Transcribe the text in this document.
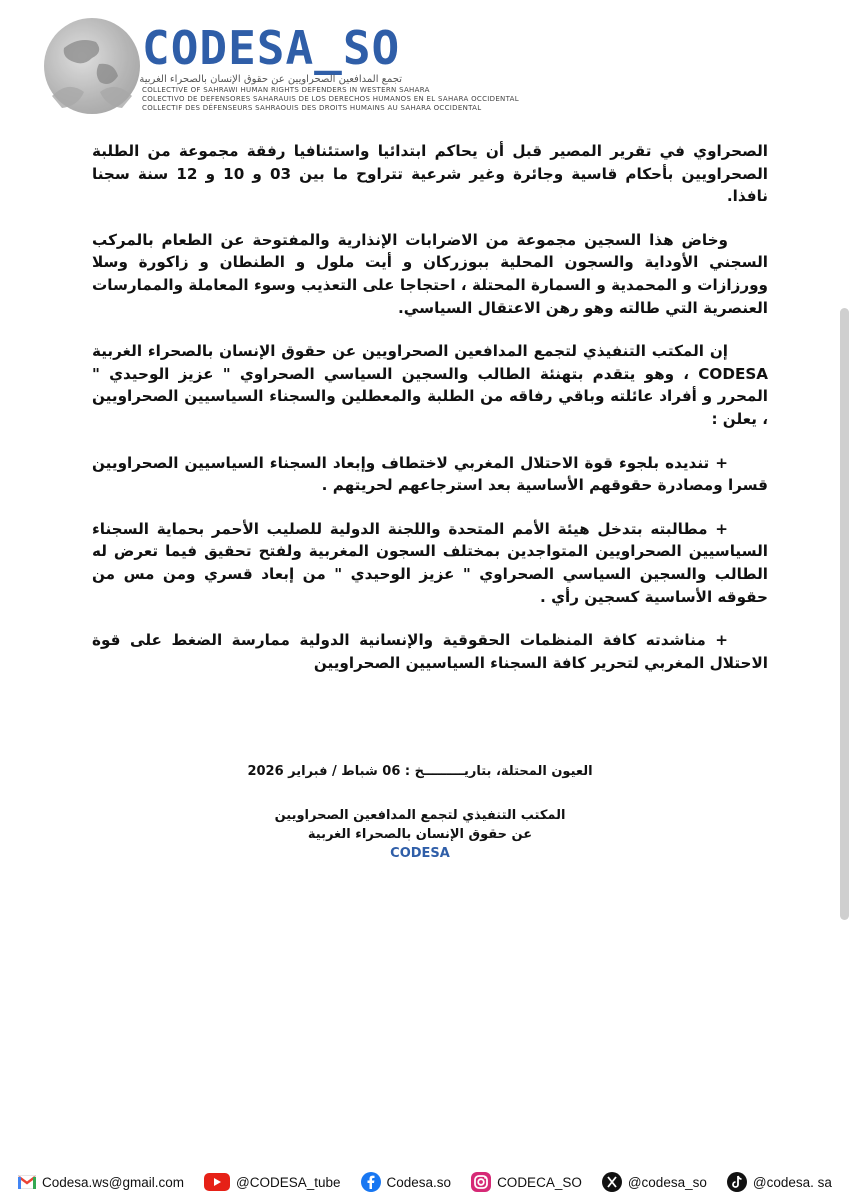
CODESA_SO
تجمع المدافعين الصحراويين عن حقوق الإنسان بالصحراء الغربية
COLLECTIVE OF SAHRAWI HUMAN RIGHTS DEFENDERS IN WESTERN SAHARA
COLECTIVO DE DEFENSORES SAHARAUIS DE LOS DERECHOS HUMANOS EN EL SAHARA OCCIDENTAL
COLLECTIF DES DÉFENSEURS SAHRAOUIS DES DROITS HUMAINS AU SAHARA OCCIDENTAL

الصحراوي في تقرير المصير قبل أن يحاكم ابتدائيا واستئنافيا رفقة مجموعة من الطلبة الصحراويين بأحكام قاسية وجائرة وغير شرعية تتراوح ما بين 03 و 10 و 12 سنة سجنا نافذا.

وخاض هذا السجين مجموعة من الاضرابات الإنذارية والمفتوحة عن الطعام بالمركب السجني الأوداية والسجون المحلية ببوزركان و أيت ملول و الطنطان و زاكورة وسلا وورزازات و المحمدية و السمارة المحتلة ، احتجاجا على التعذيب وسوء المعاملة والممارسات العنصرية التي طالته وهو رهن الاعتقال السياسي.

إن المكتب التنفيذي لتجمع المدافعين الصحراويين عن حقوق الإنسان بالصحراء الغربية CODESA ، وهو يتقدم بتهنئة الطالب والسجين السياسي الصحراوي " عزيز الوحيدي " المحرر و أفراد عائلته وباقي رفاقه من الطلبة والمعطلين والسجناء السياسيين الصحراويين ، يعلن :

+ تنديده بلجوء قوة الاحتلال المغربي لاختطاف وإبعاد السجناء السياسيين الصحراويين قسرا ومصادرة حقوقهم الأساسية بعد استرجاعهم لحريتهم .

+ مطالبته بتدخل هيئة الأمم المتحدة واللجنة الدولية للصليب الأحمر بحماية السجناء السياسيين الصحراويين المتواجدين بمختلف السجون المغربية ولفتح تحقيق فيما تعرض له الطالب والسجين السياسي الصحراوي " عزيز الوحيدي " من إبعاد قسري ومن مس من حقوقه الأساسية كسجين رأي .

+ مناشدته كافة المنظمات الحقوقية والإنسانية الدولية ممارسة الضغط على قوة الاحتلال المغربي لتحرير كافة السجناء السياسيين الصحراويين

العيون المحتلة، بتاريـــــــــخ : 06 شباط / فبراير 2026
المكتب التنفيذي لتجمع المدافعين الصحراويين
عن حقوق الإنسان بالصحراء الغربية
CODESA
Codesa.ws@gmail.com	@CODESA_tube	Codesa.so	CODECA_SO	@codesa_so	@codesa. sa
